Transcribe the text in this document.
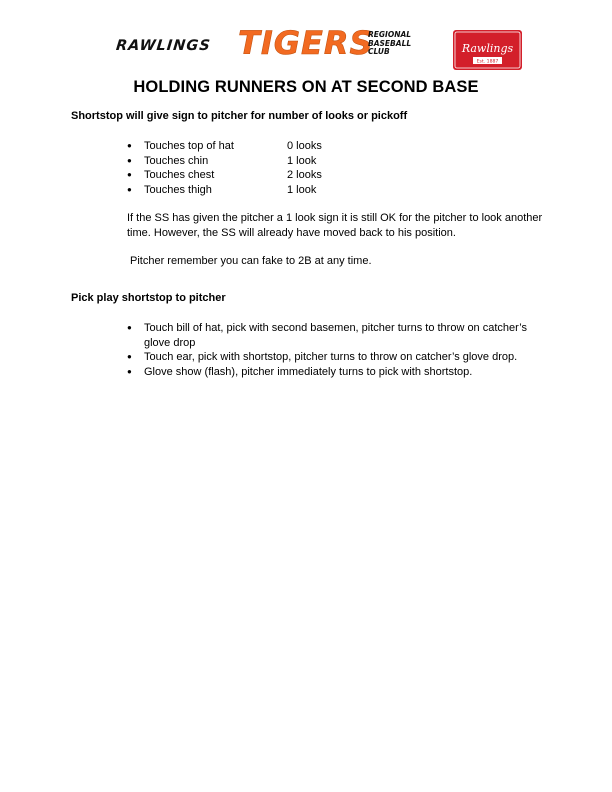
RAWLINGS TIGERS
REGIONAL
BASEBALL
CLUB	Rawlings
Est. 1887
HOLDING RUNNERS ON AT SECOND BASE

Shortstop will give sign to pitcher for number of looks or pickoff

● Touches top of hat	0 looks
● Touches chin	1 look
● Touches chest	2 looks
● Touches thigh	1 look

If the SS has given the pitcher a 1 look sign it is still OK for the pitcher to look another time. However, the SS will already have moved back to his position.

Pitcher remember you can fake to 2B at any time.

Pick play shortstop to pitcher

● Touch bill of hat, pick with second basemen, pitcher turns to throw on catcher’s glove drop
● Touch ear, pick with shortstop, pitcher turns to throw on catcher’s glove drop.
● Glove show (flash), pitcher immediately turns to pick with shortstop.
